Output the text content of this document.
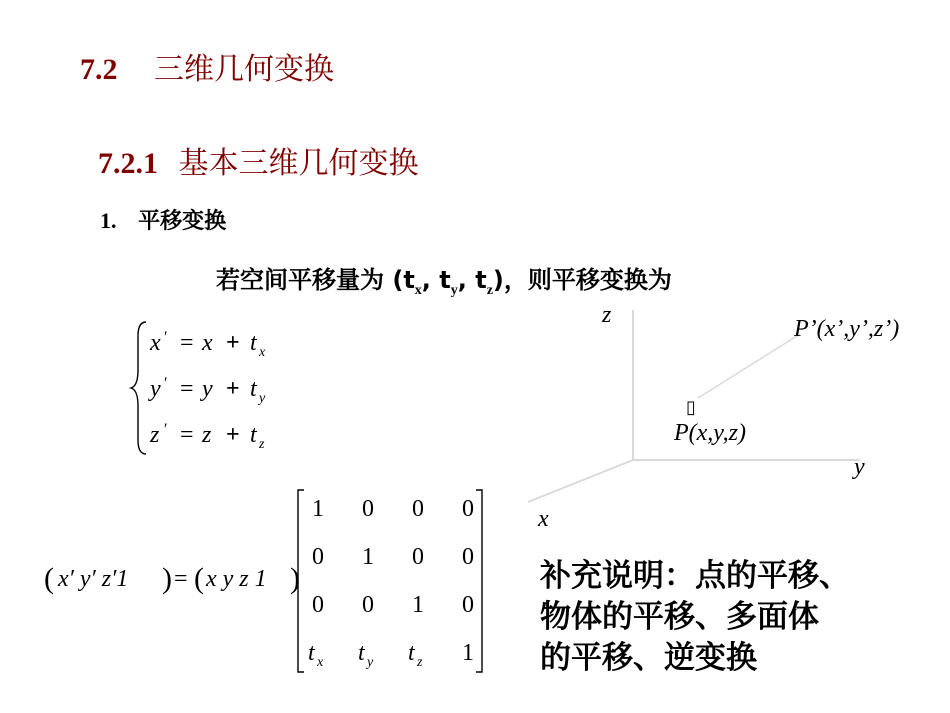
7.2 三维几何变换
7.2.1 基本三维几何变换
1. 平移变换
若空间平移量为 ($t_x$, $t_y$, $t_z$)，则平移变换为
x ′ = x + t x
y ′ = y + t y
z ′ = z + t z
z
y
x
P’(x’,y’,z’)
P(x,y,z)
▯
( x′ y′ z′1 ) = ( x y z 1 )
1 0 0 0
0 1 0 0
0 0 1 0
t x t y t z 1
补充说明：点的平移、
物体的平移、多面体
的平移、逆变换
